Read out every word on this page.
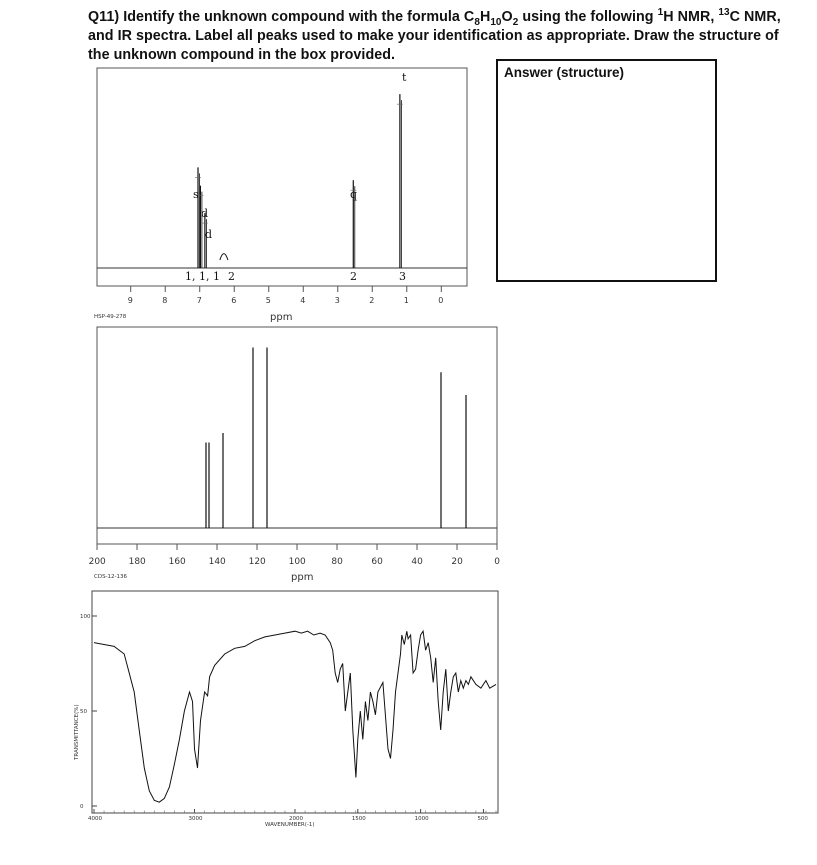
Q11) Identify the unknown compound with the formula $C_8H_{10}O_2$ using the following $^1$H NMR, $^{13}$C NMR,
and IR spectra. Label all peaks used to make your identification as appropriate. Draw the structure of
the unknown compound in the box provided.
Answer (structure)
9	8	7	6	5	4	3	2	1	0
s
d
d
q
t
1, 1, 1 2	2	3
ppm
HSP-49-278
200	180	160	140	120	100	80	60	40	20	0
ppm
CDS-12-136
100
50
0
4000	3000	2000	1500	1000	500
WAVENUMBER(-1)
TRANSMITTANCE(%)
